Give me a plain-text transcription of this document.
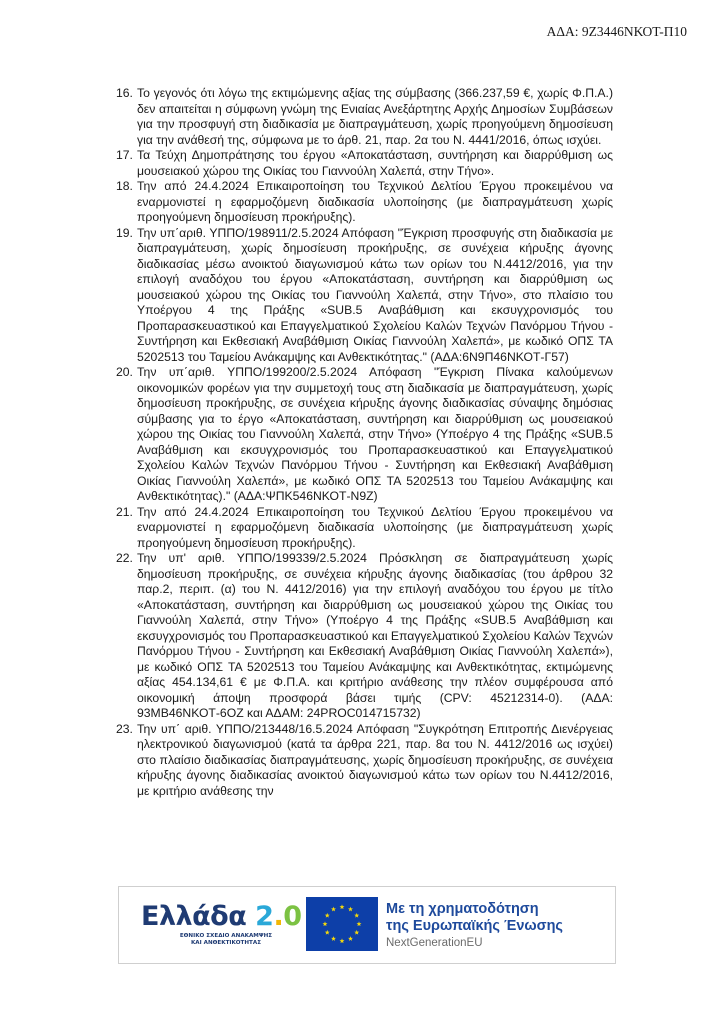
ΑΔΑ: 9Ζ3446ΝΚΟΤ-Π10
16. Το γεγονός ότι λόγω της εκτιμώμενης αξίας της σύμβασης (366.237,59 €, χωρίς Φ.Π.Α.) δεν απαιτείται η σύμφωνη γνώμη της Ενιαίας Ανεξάρτητης Αρχής Δημοσίων Συμβάσεων για την προσφυγή στη διαδικασία με διαπραγμάτευση, χωρίς προηγούμενη δημοσίευση για την ανάθεσή της, σύμφωνα με το άρθ. 21, παρ. 2α του Ν. 4441/2016, όπως ισχύει.
17. Τα Τεύχη Δημοπράτησης του έργου «Αποκατάσταση, συντήρηση και διαρρύθμιση ως μουσειακού χώρου της Οικίας του Γιαννούλη Χαλεπά, στην Τήνο».
18. Την από 24.4.2024 Επικαιροποίηση του Τεχνικού Δελτίου Έργου προκειμένου να εναρμονιστεί η εφαρμοζόμενη διαδικασία υλοποίησης (με διαπραγμάτευση χωρίς προηγούμενη δημοσίευση προκήρυξης).
19. Την υπ΄αριθ. ΥΠΠΟ/198911/2.5.2024 Απόφαση "Έγκριση προσφυγής στη διαδικασία με διαπραγμάτευση, χωρίς δημοσίευση προκήρυξης, σε συνέχεια κήρυξης άγονης διαδικασίας μέσω ανοικτού διαγωνισμού κάτω των ορίων του Ν.4412/2016, για την επιλογή αναδόχου του έργου «Αποκατάσταση, συντήρηση και διαρρύθμιση ως μουσειακού χώρου της Οικίας του Γιαννούλη Χαλεπά, στην Τήνο», στο πλαίσιο του Υποέργου 4 της Πράξης «SUB.5 Αναβάθμιση και εκσυγχρονισμός του Προπαρασκευαστικού και Επαγγελματικού Σχολείου Καλών Τεχνών Πανόρμου Τήνου - Συντήρηση και Εκθεσιακή Αναβάθμιση Οικίας Γιαννούλη Χαλεπά», με κωδικό ΟΠΣ ΤΑ 5202513 του Ταμείου Ανάκαμψης και Ανθεκτικότητας." (ΑΔΑ:6Ν9Π46ΝΚΟΤ-Γ57)
20. Την υπ΄αριθ. ΥΠΠΟ/199200/2.5.2024 Απόφαση "Έγκριση Πίνακα καλούμενων οικονομικών φορέων για την συμμετοχή τους στη διαδικασία με διαπραγμάτευση, χωρίς δημοσίευση προκήρυξης, σε συνέχεια κήρυξης άγονης διαδικασίας σύναψης δημόσιας σύμβασης για το έργο «Αποκατάσταση, συντήρηση και διαρρύθμιση ως μουσειακού χώρου της Οικίας του Γιαννούλη Χαλεπά, στην Τήνο» (Υποέργο 4 της Πράξης «SUB.5 Αναβάθμιση και εκσυγχρονισμός του Προπαρασκευαστικού και Επαγγελματικού Σχολείου Καλών Τεχνών Πανόρμου Τήνου - Συντήρηση και Εκθεσιακή Αναβάθμιση Οικίας Γιαννούλη Χαλεπά», με κωδικό ΟΠΣ ΤΑ 5202513 του Ταμείου Ανάκαμψης και Ανθεκτικότητας)." (ΑΔΑ:ΨΠΚ546ΝΚΟΤ-Ν9Ζ)
21. Την από 24.4.2024 Επικαιροποίηση του Τεχνικού Δελτίου Έργου προκειμένου να εναρμονιστεί η εφαρμοζόμενη διαδικασία υλοποίησης (με διαπραγμάτευση χωρίς προηγούμενη δημοσίευση προκήρυξης).
22. Την υπ' αριθ. ΥΠΠΟ/199339/2.5.2024 Πρόσκληση σε διαπραγμάτευση χωρίς δημοσίευση προκήρυξης, σε συνέχεια κήρυξης άγονης διαδικασίας (του άρθρου 32 παρ.2, περιπ. (α) του Ν. 4412/2016) για την επιλογή αναδόχου του έργου με τίτλο «Αποκατάσταση, συντήρηση και διαρρύθμιση ως μουσειακού χώρου της Οικίας του Γιαννούλη Χαλεπά, στην Τήνο» (Υποέργο 4 της Πράξης «SUB.5 Αναβάθμιση και εκσυγχρονισμός του Προπαρασκευαστικού και Επαγγελματικού Σχολείου Καλών Τεχνών Πανόρμου Τήνου - Συντήρηση και Εκθεσιακή Αναβάθμιση Οικίας Γιαννούλη Χαλεπά»), με κωδικό ΟΠΣ ΤΑ 5202513 του Ταμείου Ανάκαμψης και Ανθεκτικότητας, εκτιμώμενης αξίας 454.134,61 € με Φ.Π.Α. και κριτήριο ανάθεσης την πλέον συμφέρουσα από οικονομική άποψη προσφορά βάσει τιμής (CPV: 45212314-0). (ΑΔΑ: 93ΜΒ46ΝΚΟΤ-6ΟΖ και ΑΔΑΜ: 24PROC014715732)
23. Την υπ΄ αριθ. ΥΠΠΟ/213448/16.5.2024 Απόφαση "Συγκρότηση Επιτροπής Διενέργειας ηλεκτρονικού διαγωνισμού (κατά τα άρθρα 221, παρ. 8α του Ν. 4412/2016 ως ισχύει) στο πλαίσιο διαδικασίας διαπραγμάτευσης, χωρίς δημοσίευση προκήρυξης, σε συνέχεια κήρυξης άγονης διαδικασίας ανοικτού διαγωνισμού κάτω των ορίων του Ν.4412/2016, με κριτήριο ανάθεσης την
Ελλάδα 2.0
ΕΘΝΙΚΟ ΣΧΕΔΙΟ ΑΝΑΚΑΜΨΗΣ
ΚΑΙ ΑΝΘΕΚΤΙΚΟΤΗΤΑΣ
Με τη χρηματοδότηση
της Ευρωπαϊκής Ένωσης
NextGenerationEU
